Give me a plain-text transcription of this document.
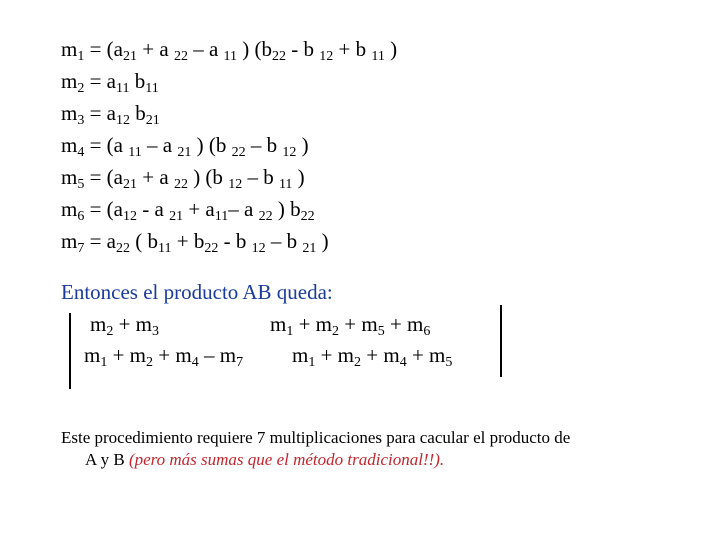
$m_1 = (a_{21} + a$ $_{22}$ – a $_{11}$ ) ($b_{22}$ - b $_{12}$ + b $_{11}$ )
$m_2 = a_{11}$ $b_{11}$
$m_3 = a_{12}$ $b_{21}$
$m_4 = (a$ $_{11}$ – a $_{21}$ ) (b $_{22}$ – b $_{12}$ )
$m_5 = (a_{21} + a$ $_{22}$ ) (b $_{12}$ – b $_{11}$ )
$m_6 = (a_{12} - a$ $_{21} + a_{11}-$ a $_{22}$ ) $b_{22}$
$m_7 = a_{22}$ ( $b_{11} + b_{22} - b$ $_{12}$ – b $_{21}$ )
Entonces el producto AB queda:
$m_2 + m_3$	$m_1 + m_2 + m_5 + m_6$
$m_1 + m_2 + m_4 - m_7$ $m_1 + m_2 + m_4 + m_5$
Este procedimiento requiere 7 multiplicaciones para cacular el producto de
A y B (pero más sumas que el método tradicional!!).
